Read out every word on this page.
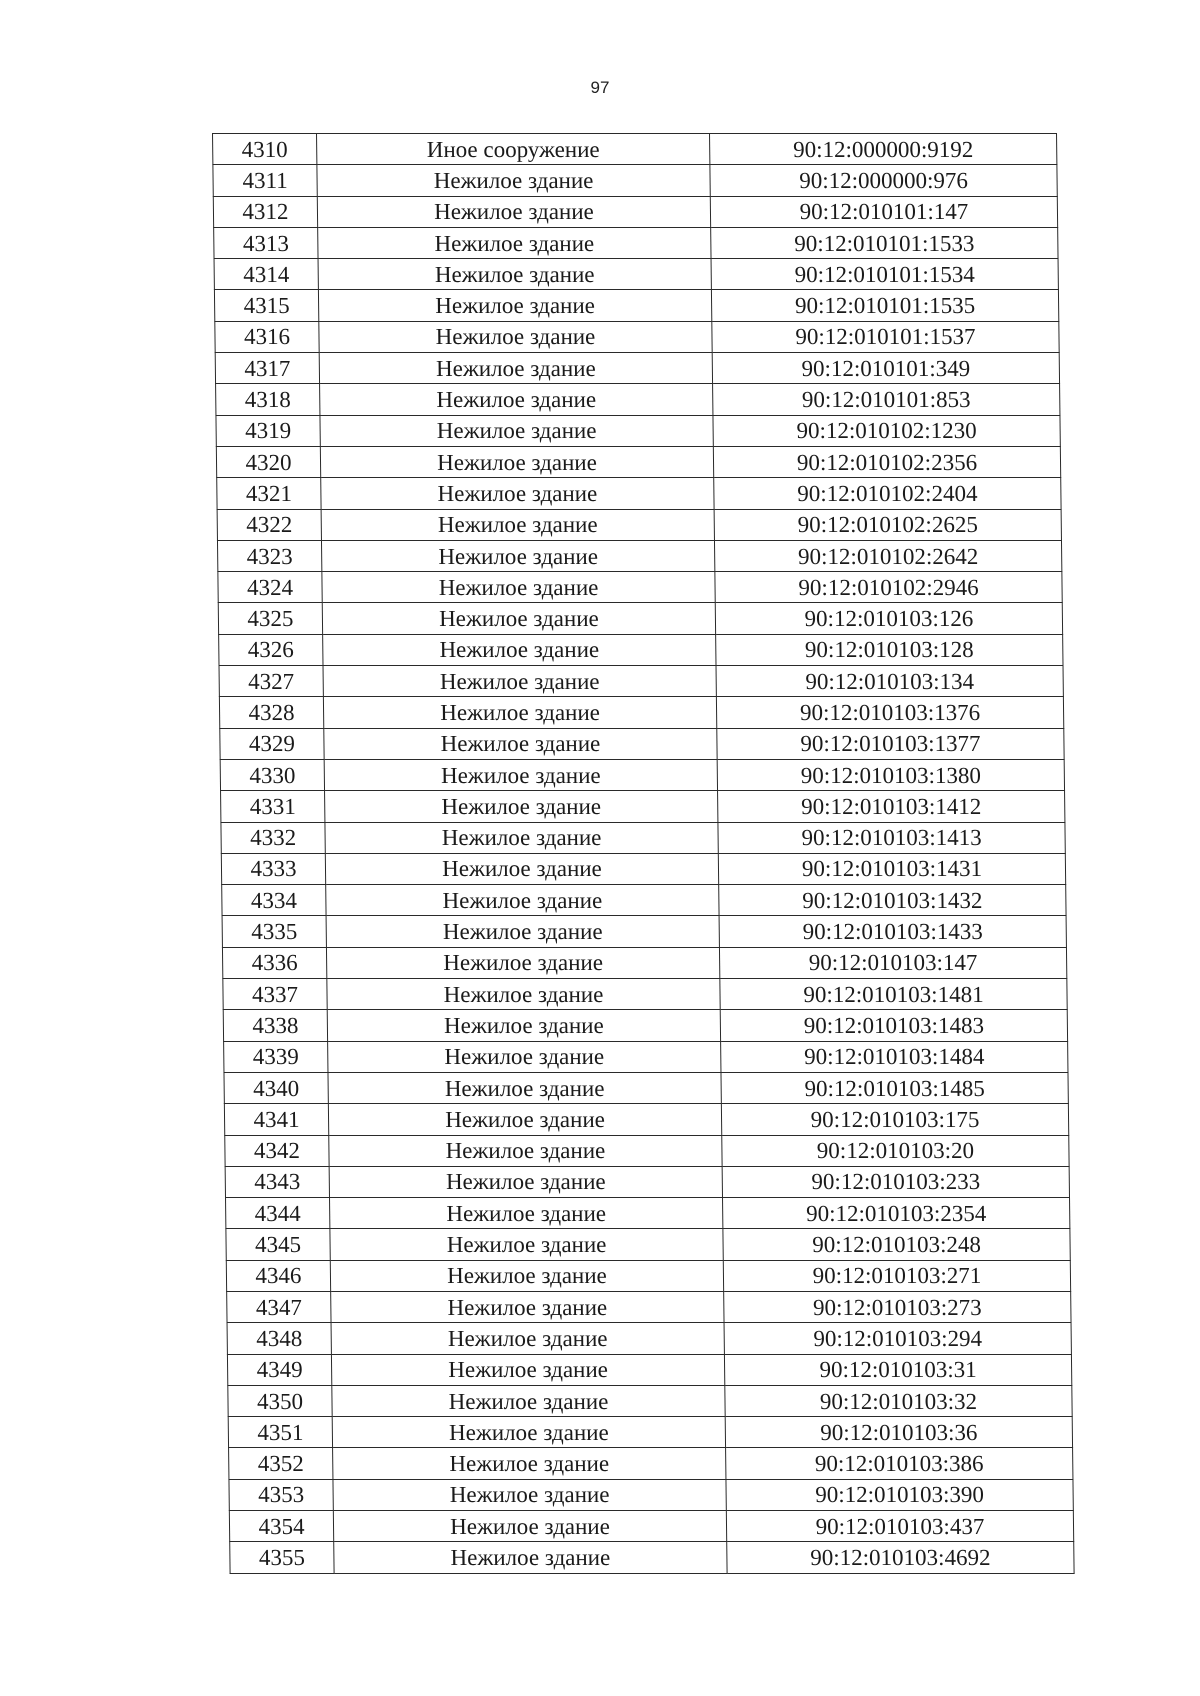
97
4310	Иное сооружение	90:12:000000:9192
4311	Нежилое здание	90:12:000000:976
4312	Нежилое здание	90:12:010101:147
4313	Нежилое здание	90:12:010101:1533
4314	Нежилое здание	90:12:010101:1534
4315	Нежилое здание	90:12:010101:1535
4316	Нежилое здание	90:12:010101:1537
4317	Нежилое здание	90:12:010101:349
4318	Нежилое здание	90:12:010101:853
4319	Нежилое здание	90:12:010102:1230
4320	Нежилое здание	90:12:010102:2356
4321	Нежилое здание	90:12:010102:2404
4322	Нежилое здание	90:12:010102:2625
4323	Нежилое здание	90:12:010102:2642
4324	Нежилое здание	90:12:010102:2946
4325	Нежилое здание	90:12:010103:126
4326	Нежилое здание	90:12:010103:128
4327	Нежилое здание	90:12:010103:134
4328	Нежилое здание	90:12:010103:1376
4329	Нежилое здание	90:12:010103:1377
4330	Нежилое здание	90:12:010103:1380
4331	Нежилое здание	90:12:010103:1412
4332	Нежилое здание	90:12:010103:1413
4333	Нежилое здание	90:12:010103:1431
4334	Нежилое здание	90:12:010103:1432
4335	Нежилое здание	90:12:010103:1433
4336	Нежилое здание	90:12:010103:147
4337	Нежилое здание	90:12:010103:1481
4338	Нежилое здание	90:12:010103:1483
4339	Нежилое здание	90:12:010103:1484
4340	Нежилое здание	90:12:010103:1485
4341	Нежилое здание	90:12:010103:175
4342	Нежилое здание	90:12:010103:20
4343	Нежилое здание	90:12:010103:233
4344	Нежилое здание	90:12:010103:2354
4345	Нежилое здание	90:12:010103:248
4346	Нежилое здание	90:12:010103:271
4347	Нежилое здание	90:12:010103:273
4348	Нежилое здание	90:12:010103:294
4349	Нежилое здание	90:12:010103:31
4350	Нежилое здание	90:12:010103:32
4351	Нежилое здание	90:12:010103:36
4352	Нежилое здание	90:12:010103:386
4353	Нежилое здание	90:12:010103:390
4354	Нежилое здание	90:12:010103:437
4355	Нежилое здание	90:12:010103:4692
